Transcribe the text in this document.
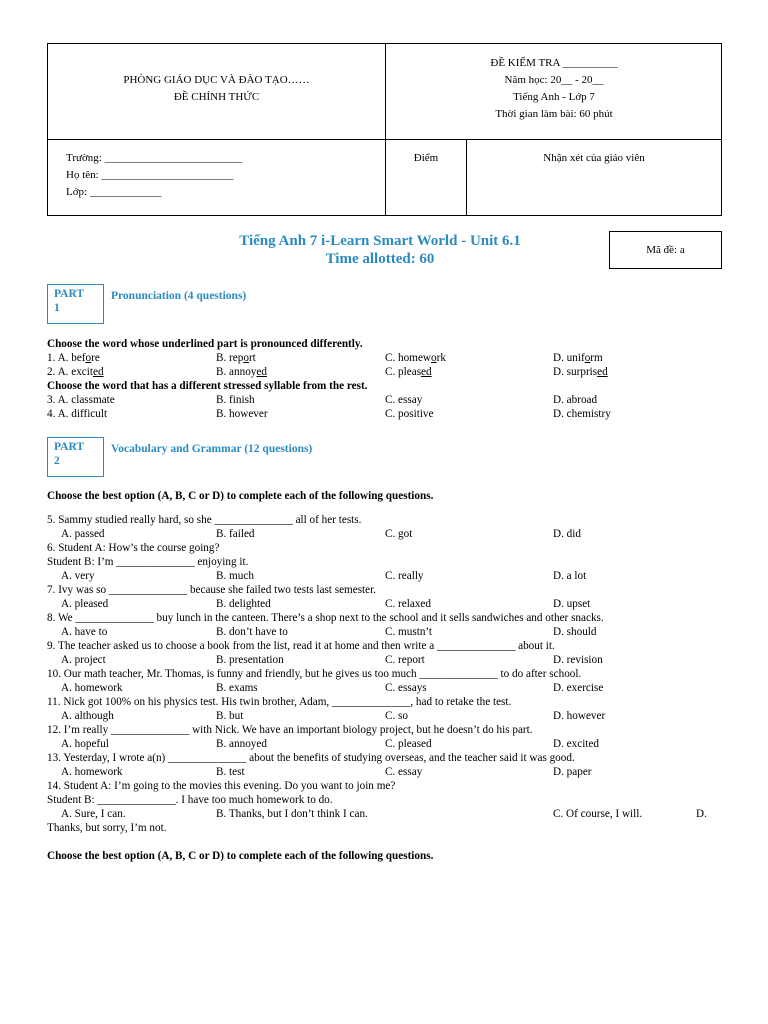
PHÒNG GIÁO DỤC VÀ ĐÀO TẠO……
ĐỀ CHÍNH THỨC
ĐỀ KIỂM TRA __________
Năm học: 20__ - 20__
Tiếng Anh - Lớp 7
Thời gian làm bài: 60 phút
Trường: _________________________
Họ tên: ________________________
Lớp: _____________
Điểm	Nhận xét của giáo viên
Tiếng Anh 7 i-Learn Smart World - Unit 6.1
Time allotted: 60
Mã đề: a
PART
1
Pronunciation (4 questions)
Choose the word whose underlined part is pronounced differently.
1. A. before	B. report	C. homework	D. uniform
2. A. excited	B. annoyed	C. pleased	D. surprised
Choose the word that has a different stressed syllable from the rest.
3. A. classmate	B. finish	C. essay	D. abroad
4. A. difficult	B. however	C. positive	D. chemistry
PART
2
Vocabulary and Grammar (12 questions)
Choose the best option (A, B, C or D) to complete each of the following questions.
5. Sammy studied really hard, so she ______________ all of her tests.
A. passed	B. failed	C. got	D. did
6. Student A: How’s the course going?
Student B: I’m ______________ enjoying it.
A. very	B. much	C. really	D. a lot
7. Ivy was so ______________ because she failed two tests last semester.
A. pleased	B. delighted	C. relaxed	D. upset
8. We ______________ buy lunch in the canteen. There’s a shop next to the school and it sells sandwiches and other snacks.
A. have to	B. don’t have to	C. mustn’t	D. should
9. The teacher asked us to choose a book from the list, read it at home and then write a ______________ about it.
A. project	B. presentation	C. report	D. revision
10. Our math teacher, Mr. Thomas, is funny and friendly, but he gives us too much ______________ to do after school.
A. homework	B. exams	C. essays	D. exercise
11. Nick got 100% on his physics test. His twin brother, Adam, ______________, had to retake the test.
A. although	B. but	C. so	D. however
12. I’m really ______________ with Nick. We have an important biology project, but he doesn’t do his part.
A. hopeful	B. annoyed	C. pleased	D. excited
13. Yesterday, I wrote a(n) ______________ about the benefits of studying overseas, and the teacher said it was good.
A. homework	B. test	C. essay	D. paper
14. Student A: I’m going to the movies this evening. Do you want to join me?
Student B: ______________. I have too much homework to do.
A. Sure, I can.	B. Thanks, but I don’t think I can.	C. Of course, I will.	D.
Thanks, but sorry, I’m not.
Choose the best option (A, B, C or D) to complete each of the following questions.
